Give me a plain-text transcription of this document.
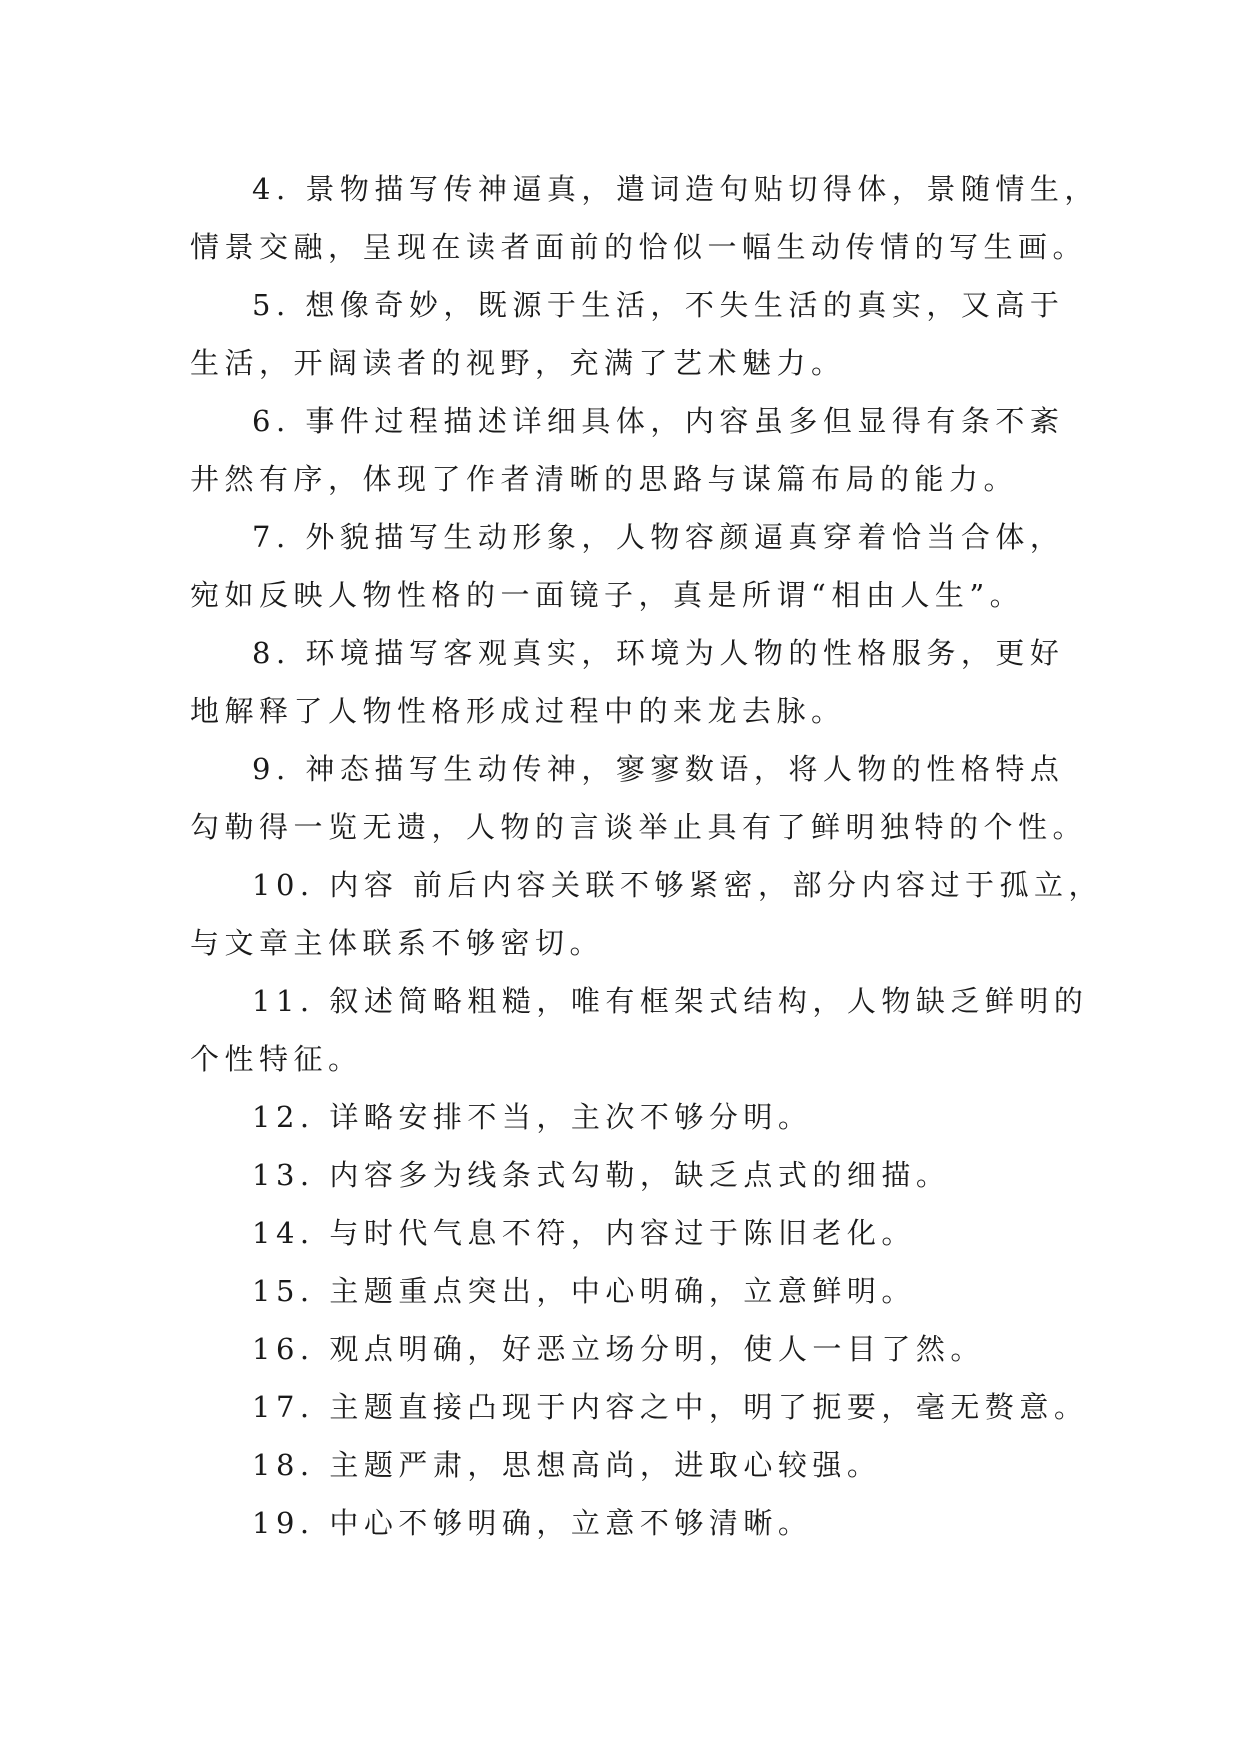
4. 景物描写传神逼真，遣词造句贴切得体，景随情生，
情景交融，呈现在读者面前的恰似一幅生动传情的写生画。
5. 想像奇妙，既源于生活，不失生活的真实，又高于
生活，开阔读者的视野，充满了艺术魅力。
6. 事件过程描述详细具体，内容虽多但显得有条不紊
井然有序，体现了作者清晰的思路与谋篇布局的能力。
7. 外貌描写生动形象，人物容颜逼真穿着恰当合体，
宛如反映人物性格的一面镜子，真是所谓“相由人生”。
8. 环境描写客观真实，环境为人物的性格服务，更好
地解释了人物性格形成过程中的来龙去脉。
9. 神态描写生动传神，寥寥数语，将人物的性格特点
勾勒得一览无遗，人物的言谈举止具有了鲜明独特的个性。
10. 内容 前后内容关联不够紧密，部分内容过于孤立，
与文章主体联系不够密切。
11. 叙述简略粗糙，唯有框架式结构，人物缺乏鲜明的
个性特征。
12. 详略安排不当，主次不够分明。
13. 内容多为线条式勾勒，缺乏点式的细描。
14. 与时代气息不符，内容过于陈旧老化。
15. 主题重点突出，中心明确，立意鲜明。
16. 观点明确，好恶立场分明，使人一目了然。
17. 主题直接凸现于内容之中，明了扼要，毫无赘意。
18. 主题严肃，思想高尚，进取心较强。
19. 中心不够明确，立意不够清晰。
